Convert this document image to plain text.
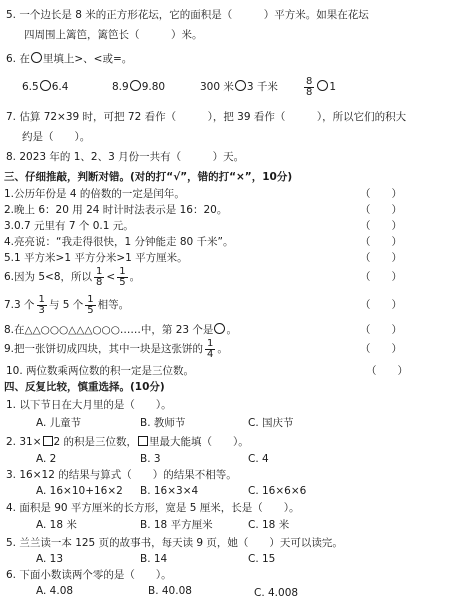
5. 一个边长是 8 米的正方形花坛，它的面积是（　　　）平方米。如果在花坛
四周围上篱笆，篱笆长（　　　）米。
6. 在 里填上>、<或=。
6.5 6.4	8.9 9.80	300 米 3 千米	$\frac{8}{8} 1$
7. 估算 72×39 时，可把 72 看作（　　　），把 39 看作（　　　），所以它们的积大
约是（　　）。
8. 2023 年的 1、2、3 月份一共有（　　　）天。
三、仔细推敲，判断对错。(对的打“√”，错的打“×”，10分)
1.公历年份是 4 的倍数的一定是闰年。	（　　）
2.晚上 6：20 用 24 时计时法表示是 16：20。	（　　）
3.0.7 元里有 7 个 0.1 元。	（　　）
4.亮亮说：“我走得很快，1 分钟能走 80 千米”。	（　　）
5.1 平方米>1 平方分米>1 平方厘米。	（　　）
6.因为 5<8，所以 $\frac{1}{8} < \frac{1}{5}$ 。	（　　）
7.3 个 $\frac{1}{3}$ 与 5 个 $\frac{1}{5}$ 相等。	（　　）
8.在△△○○○△△△○○○……中，第 23 个是 。	（　　）
9.把一张饼切成四块，其中一块是这张饼的 $\frac{1}{4}$ 。	（　　）
10. 两位数乘两位数的积一定是三位数。	（　　）
四、反复比较，慎重选择。(10分)
1. 以下节日在大月里的是（　　）。
A. 儿童节	B. 教师节	C. 国庆节
2. 31× 2 的积是三位数， 里最大能填（　　）。
A. 2	B. 3	C. 4
3. 16×12 的结果与算式（　　）的结果不相等。
A. 16×10+16×2 B. 16×3×4	C. 16×6×6
4. 面积是 90 平方厘米的长方形，宽是 5 厘米，长是（　　）。
A. 18 米	B. 18 平方厘米	C. 18 米
5. 兰兰读一本 125 页的故事书，每天读 9 页，她（　　）天可以读完。
A. 13	B. 14	C. 15
6. 下面小数读两个零的是（　　）。
A. 4.08	B. 40.08	C. 4.008
